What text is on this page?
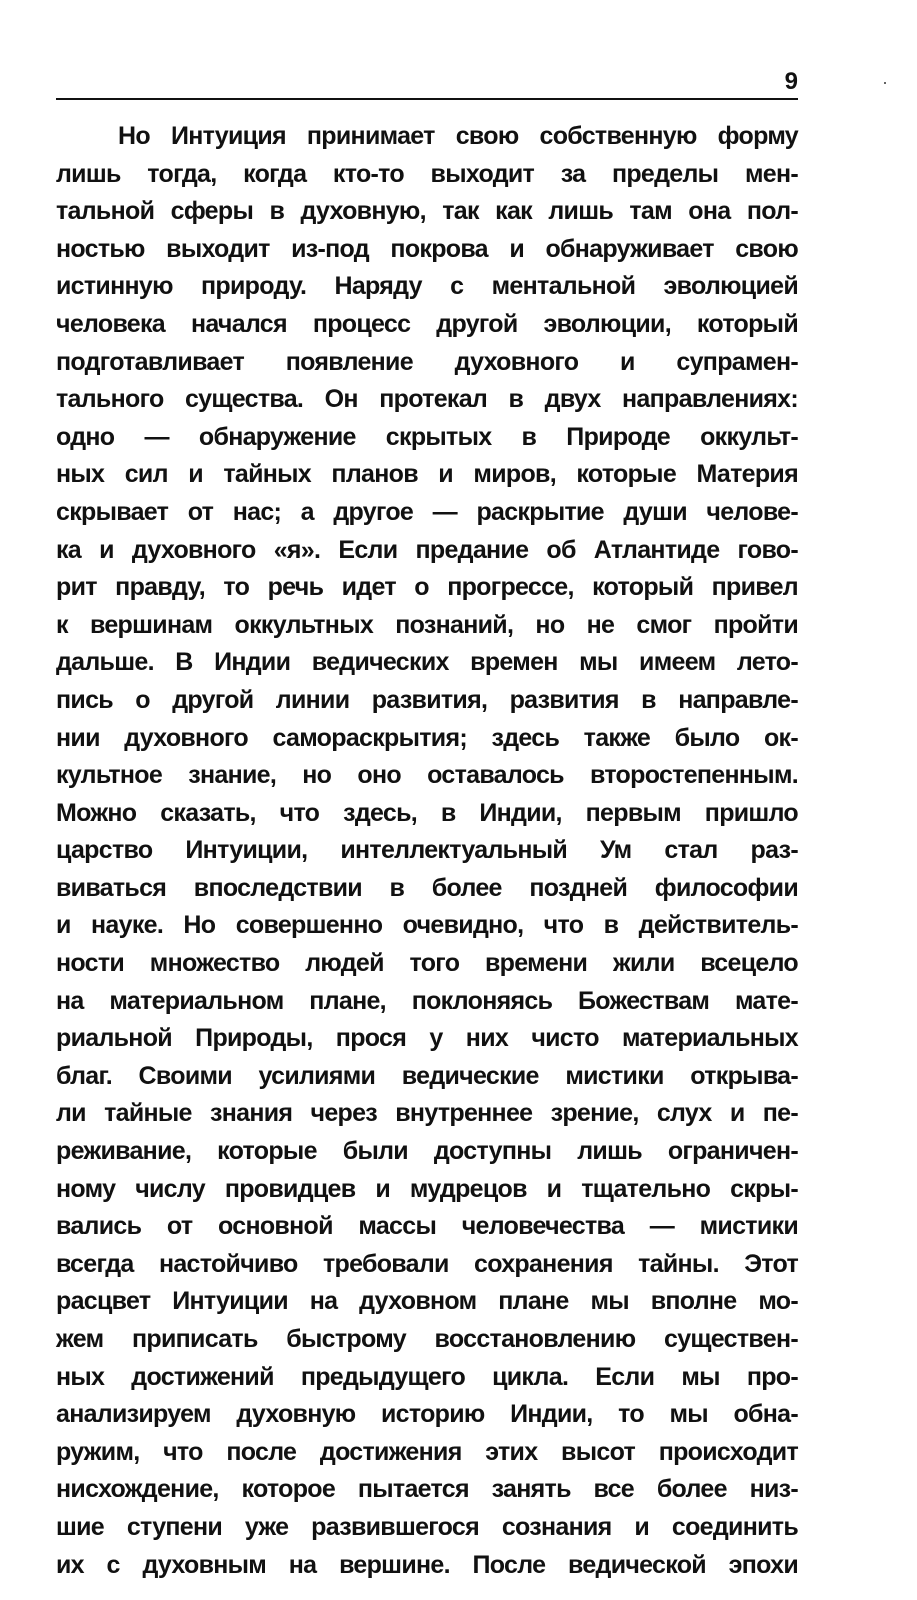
9
Но Интуиция принимает свою собственную форму
лишь тогда, когда кто-то выходит за пределы мен-
тальной сферы в духовную, так как лишь там она пол-
ностью выходит из-под покрова и обнаруживает свою
истинную природу. Наряду с ментальной эволюцией
человека начался процесс другой эволюции, который
подготавливает появление духовного и супрамен-
тального существа. Он протекал в двух направлениях:
одно — обнаружение скрытых в Природе оккульт-
ных сил и тайных планов и миров, которые Материя
скрывает от нас; а другое — раскрытие души челове-
ка и духовного «я». Если предание об Атлантиде гово-
рит правду, то речь идет о прогрессе, который привел
к вершинам оккультных познаний, но не смог пройти
дальше. В Индии ведических времен мы имеем лето-
пись о другой линии развития, развития в направле-
нии духовного самораскрытия; здесь также было ок-
культное знание, но оно оставалось второстепенным.
Можно сказать, что здесь, в Индии, первым пришло
царство Интуиции, интеллектуальный Ум стал раз-
виваться впоследствии в более поздней философии
и науке. Но совершенно очевидно, что в действитель-
ности множество людей того времени жили всецело
на материальном плане, поклоняясь Божествам мате-
риальной Природы, прося у них чисто материальных
благ. Своими усилиями ведические мистики открыва-
ли тайные знания через внутреннее зрение, слух и пе-
реживание, которые были доступны лишь ограничен-
ному числу провидцев и мудрецов и тщательно скры-
вались от основной массы человечества — мистики
всегда настойчиво требовали сохранения тайны. Этот
расцвет Интуиции на духовном плане мы вполне мо-
жем приписать быстрому восстановлению существен-
ных достижений предыдущего цикла. Если мы про-
анализируем духовную историю Индии, то мы обна-
ружим, что после достижения этих высот происходит
нисхождение, которое пытается занять все более низ-
шие ступени уже развившегося сознания и соединить
их с духовным на вершине. После ведической эпохи
